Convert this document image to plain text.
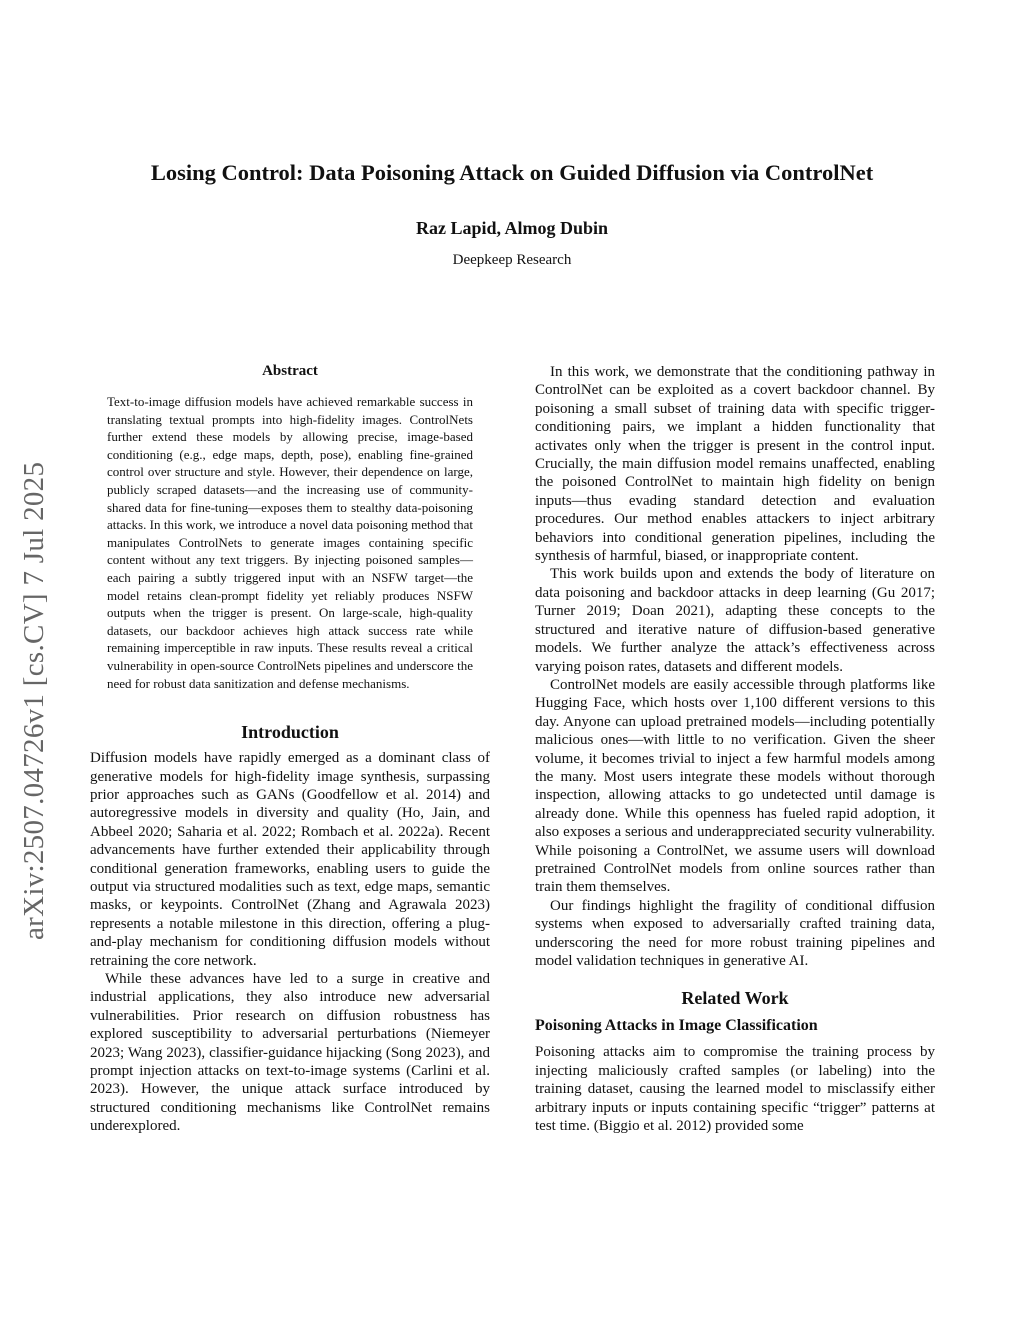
arXiv:2507.04726v1 [cs.CV] 7 Jul 2025
Losing Control: Data Poisoning Attack on Guided Diffusion via ControlNet
Raz Lapid, Almog Dubin
Deepkeep Research

Abstract

Text-to-image diffusion models have achieved remarkable success in translating textual prompts into high-fidelity images. ControlNets further extend these models by allowing precise, image-based conditioning (e.g., edge maps, depth, pose), enabling fine-grained control over structure and style. However, their dependence on large, publicly scraped datasets—and the increasing use of community-shared data for fine-tuning—exposes them to stealthy data-poisoning attacks. In this work, we introduce a novel data poisoning method that manipulates ControlNets to generate images containing specific content without any text triggers. By injecting poisoned samples—each pairing a subtly triggered input with an NSFW target—the model retains clean-prompt fidelity yet reliably produces NSFW outputs when the trigger is present. On large-scale, high-quality datasets, our backdoor achieves high attack success rate while remaining imperceptible in raw inputs. These results reveal a critical vulnerability in open-source ControlNets pipelines and underscore the need for robust data sanitization and defense mechanisms.

Introduction

Diffusion models have rapidly emerged as a dominant class of generative models for high-fidelity image synthesis, surpassing prior approaches such as GANs (Goodfellow et al. 2014) and autoregressive models in diversity and quality (Ho, Jain, and Abbeel 2020; Saharia et al. 2022; Rombach et al. 2022a). Recent advancements have further extended their applicability through conditional generation frameworks, enabling users to guide the output via structured modalities such as text, edge maps, semantic masks, or keypoints. ControlNet (Zhang and Agrawala 2023) represents a notable milestone in this direction, offering a plug-and-play mechanism for conditioning diffusion models without retraining the core network.

While these advances have led to a surge in creative and industrial applications, they also introduce new adversarial vulnerabilities. Prior research on diffusion robustness has explored susceptibility to adversarial perturbations (Niemeyer 2023; Wang 2023), classifier-guidance hijacking (Song 2023), and prompt injection attacks on text-to-image systems (Carlini et al. 2023). However, the unique attack surface introduced by structured conditioning mechanisms like ControlNet remains underexplored.

In this work, we demonstrate that the conditioning pathway in ControlNet can be exploited as a covert backdoor channel. By poisoning a small subset of training data with specific trigger-conditioning pairs, we implant a hidden functionality that activates only when the trigger is present in the control input. Crucially, the main diffusion model remains unaffected, enabling the poisoned ControlNet to maintain high fidelity on benign inputs—thus evading standard detection and evaluation procedures. Our method enables attackers to inject arbitrary behaviors into conditional generation pipelines, including the synthesis of harmful, biased, or inappropriate content.

This work builds upon and extends the body of literature on data poisoning and backdoor attacks in deep learning (Gu 2017; Turner 2019; Doan 2021), adapting these concepts to the structured and iterative nature of diffusion-based generative models. We further analyze the attack’s effectiveness across varying poison rates, datasets and different models.

ControlNet models are easily accessible through platforms like Hugging Face, which hosts over 1,100 different versions to this day. Anyone can upload pretrained models—including potentially malicious ones—with little to no verification. Given the sheer volume, it becomes trivial to inject a few harmful models among the many. Most users integrate these models without thorough inspection, allowing attacks to go undetected until damage is already done. While this openness has fueled rapid adoption, it also exposes a serious and underappreciated security vulnerability. While poisoning a ControlNet, we assume users will download pretrained ControlNet models from online sources rather than train them themselves.

Our findings highlight the fragility of conditional diffusion systems when exposed to adversarially crafted training data, underscoring the need for more robust training pipelines and model validation techniques in generative AI.

Related Work

Poisoning Attacks in Image Classification

Poisoning attacks aim to compromise the training process by injecting maliciously crafted samples (or labeling) into the training dataset, causing the learned model to misclassify either arbitrary inputs or inputs containing specific “trigger” patterns at test time. (Biggio et al. 2012) provided some
